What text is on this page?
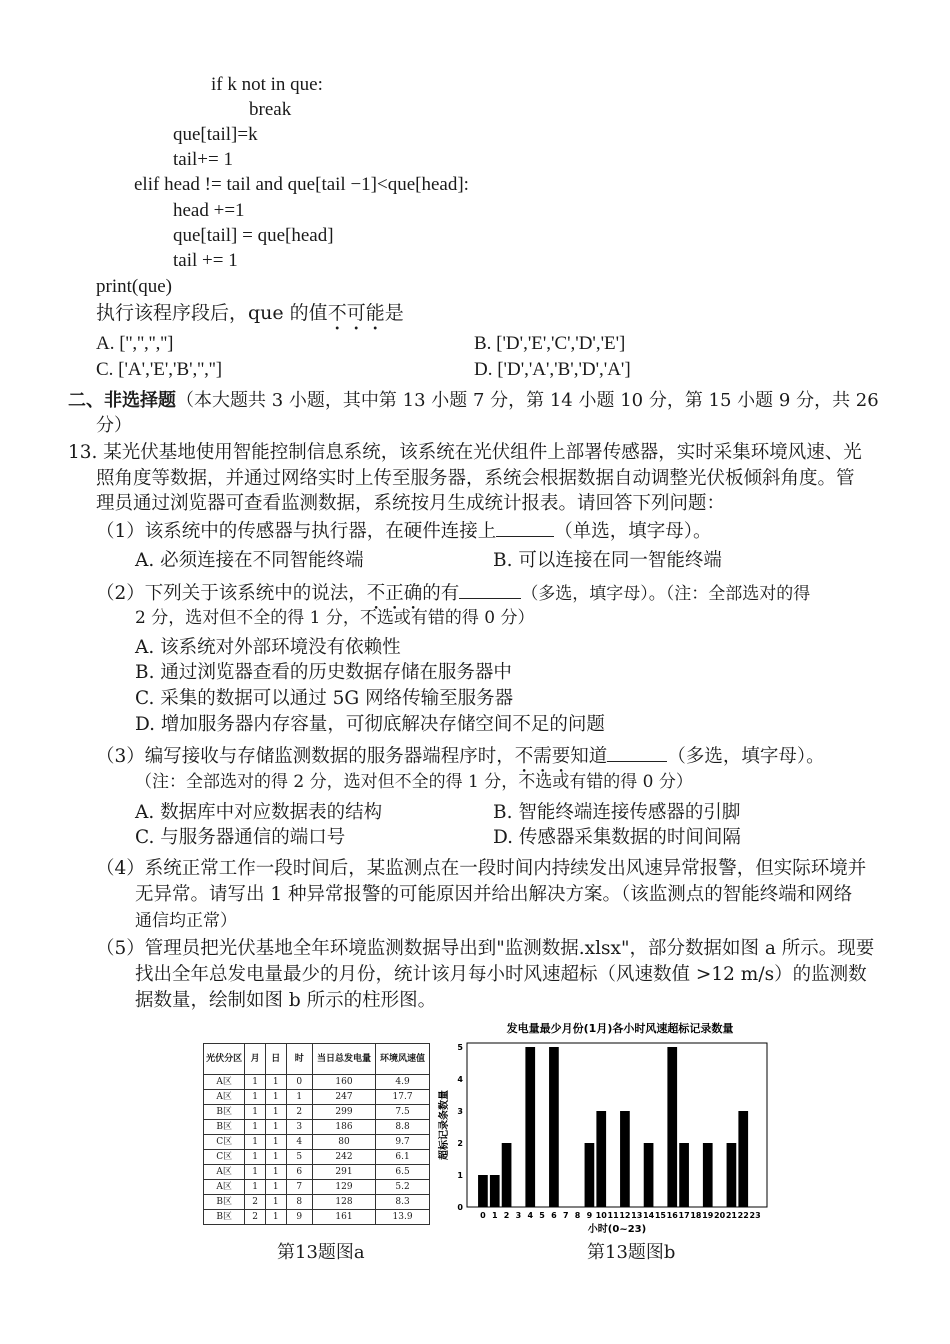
if k not in que:
break
que[tail]=k
tail+= 1
elif head != tail and que[tail −1]<que[head]:
head +=1
que[tail] = que[head]
tail += 1
print(que)
执行该程序段后，que 的值不可能是
A. ['','','','']	B. ['D','E','C','D','E']
C. ['A','E','B','','']	D. ['D','A','B','D','A']
二、非选择题（本大题共 3 小题，其中第 13 小题 7 分，第 14 小题 10 分，第 15 小题 9 分，共 26
分）
13. 某光伏基地使用智能控制信息系统，该系统在光伏组件上部署传感器，实时采集环境风速、光
照角度等数据，并通过网络实时上传至服务器，系统会根据数据自动调整光伏板倾斜角度。管
理员通过浏览器可查看监测数据，系统按月生成统计报表。请回答下列问题：
（1）该系统中的传感器与执行器，在硬件连接上	（单选，填字母）。
A. 必须连接在不同智能终端	B. 可以连接在同一智能终端
（2）下列关于该系统中的说法，不正确的有	（多选，填字母）。（注：全部选对的得
2 分，选对但不全的得 1 分，不选或有错的得 0 分）
A. 该系统对外部环境没有依赖性
B. 通过浏览器查看的历史数据存储在服务器中
C. 采集的数据可以通过 5G 网络传输至服务器
D. 增加服务器内存容量，可彻底解决存储空间不足的问题
（3）编写接收与存储监测数据的服务器端程序时，不需要知道	（多选，填字母）。
（注：全部选对的得 2 分，选对但不全的得 1 分，不选或有错的得 0 分）
A. 数据库中对应数据表的结构	B. 智能终端连接传感器的引脚
C. 与服务器通信的端口号	D. 传感器采集数据的时间间隔
（4）系统正常工作一段时间后，某监测点在一段时间内持续发出风速异常报警，但实际环境并
无异常。请写出 1 种异常报警的可能原因并给出解决方案。（该监测点的智能终端和网络
通信均正常）
（5）管理员把光伏基地全年环境监测数据导出到"监测数据.xlsx"，部分数据如图 a 所示。现要
找出全年总发电量最少的月份，统计该月每小时风速超标（风速数值 >12 m/s）的监测数
据数量，绘制如图 b 所示的柱形图。
光伏分区	月	日	时	当日总发电量	环境风速值
A区	1	1	0	160	4.9
A区	1	1	1	247	17.7
B区	1	1	2	299	7.5
B区	1	1	3	186	8.8
C区	1	1	4	80	9.7
C区	1	1	5	242	6.1
A区	1	1	6	291	6.5
A区	1	1	7	129	5.2
B区	2	1	8	128	8.3
B区	2	1	9	161	13.9
第13题图a
发电量最少月份(1月)各小时风速超标记录数量
超标记录条数量
小时(0~23)
0
1
2
3
4
5
0 1 2 3 4 5 6 7 8 9 10 11 12 13 14 15 16 17 18 19 20 21 22 23
第13题图b
